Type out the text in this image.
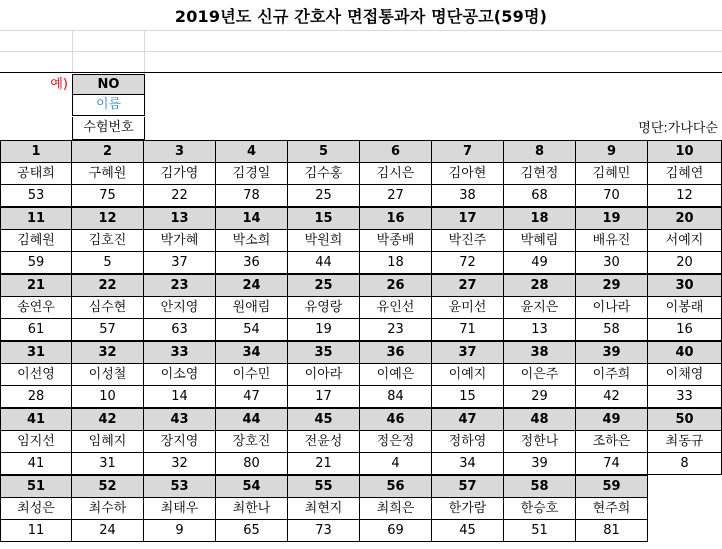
2019년도 신규 간호사 면접통과자 명단공고(59명)
예)	NO
이름
수험번호	명단:가나다순
1
공태희
53
2
구혜원
75
3
김가영
22
4
김경일
78
5
김수홍
25
6
김시은
27
7
김아현
38
8
김현정
68
9
김혜민
70
10
김혜연
12
11
김혜원
59
12
김호진
5
13
박가혜
37
14
박소희
36
15
박원희
44
16
박종배
18
17
박진주
72
18
박혜림
49
19
배유진
30
20
서예지
20
21
송연우
61
22
심수현
57
23
안지영
63
24
원애림
54
25
유영랑
19
26
유인선
23
27
윤미선
71
28
윤지은
13
29
이나라
58
30
이봉래
16
31
이선영
28
32
이성철
10
33
이소영
14
34
이수민
47
35
이아라
17
36
이예은
84
37
이예지
15
38
이은주
29
39
이주희
42
40
이채영
33
41
임지선
41
42
임혜지
31
43
장지영
32
44
장호진
80
45
전윤성
21
46
정은정
4
47
정하영
34
48
정한나
39
49
조하은
74
50
최동규
8
51
최성은
11
52
최수하
24
53
최태우
9
54
최한나
65
55
최현지
73
56
최희은
69
57
한가람
45
58
한승호
51
59
현주희
81
